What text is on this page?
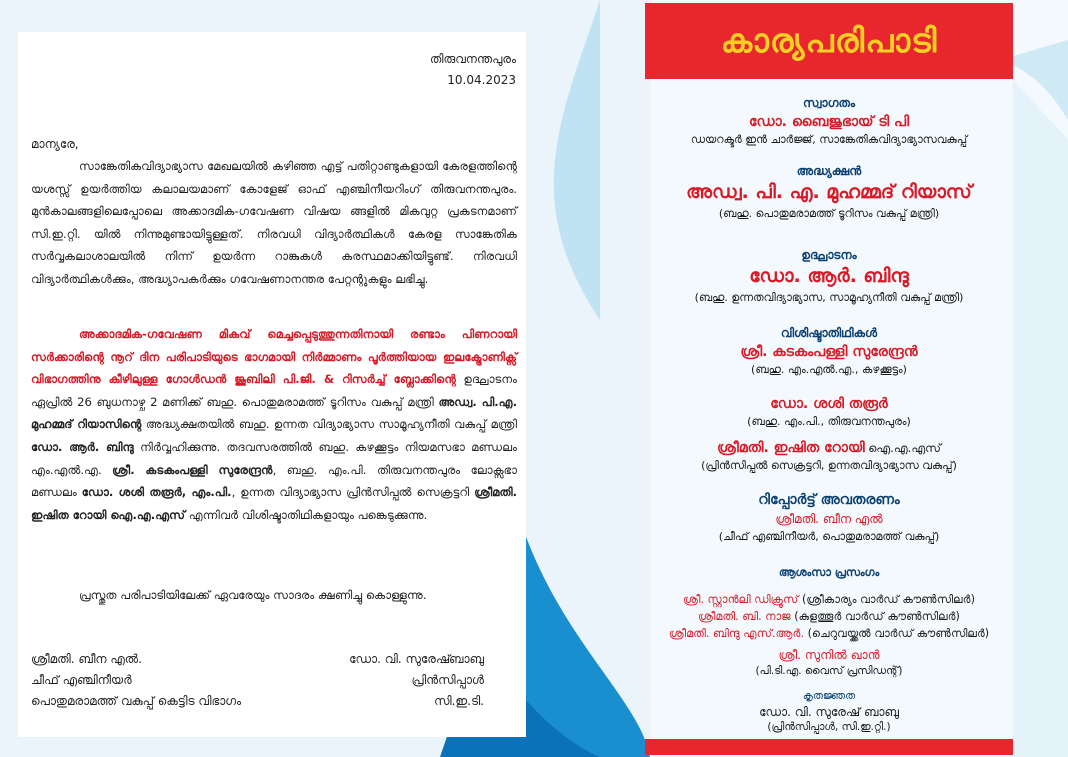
തിരുവനന്തപുരം
10.04.2023
മാന്യരേ,

സാങ്കേതികവിദ്യാഭ്യാസ മേഖലയിൽ കഴിഞ്ഞ എട്ട് പതിറ്റാണ്ടുകളായി കേരളത്തിന്റെ യശസ്സ് ഉയർത്തിയ കലാലയമാണ് കോളേജ് ഓഫ് എഞ്ചിനീയറിംഗ് തിരുവനന്തപുരം. മുൻകാലങ്ങളിലെപ്പോലെ അക്കാദമിക-ഗവേഷണ വിഷയ ങ്ങളിൽ മികവുറ്റ പ്രകടനമാണ് സി.ഇ.റ്റി. യിൽ നിന്നുമുണ്ടായിട്ടുള്ളത്. നിരവധി വിദ്യാർത്ഥികൾ കേരള സാങ്കേതിക സർവ്വകലാശാലയിൽ നിന്ന് ഉയർന്ന റാങ്കുകൾ കരസ്ഥമാക്കിയിട്ടുണ്ട്. നിരവധി വിദ്യാർത്ഥികൾക്കും, അദ്ധ്യാപകർക്കും ഗവേഷണാനന്തര പേറ്റന്റുകളും ലഭിച്ചു.

അക്കാദമിക-ഗവേഷണ മികവ് മെച്ചപ്പെടുത്തുന്നതിനായി രണ്ടാം പിണറായി സർക്കാരിന്റെ നൂറ് ദിന പരിപാടിയുടെ ഭാഗമായി നിർമ്മാണം പൂർത്തിയായ ഇലക്ട്രോണിക്സ് വിഭാഗത്തിനു കീഴിലുള്ള ഗോൾഡൻ ജൂബിലി പി.ജി. & റിസർച്ച് ബ്ലോക്കിന്റെ ഉദ്ഘാടനം ഏപ്രിൽ 26 ബുധനാഴ്ച 2 മണിക്ക് ബഹു. പൊതുമരാമത്ത് ടൂറിസം വകുപ്പ് മന്ത്രി അഡ്വ. പി.എ. മുഹമ്മദ് റിയാസിന്റെ അദ്ധ്യക്ഷതയിൽ ബഹു. ഉന്നത വിദ്യാഭ്യാസ സാമൂഹ്യനീതി വകുപ്പ് മന്ത്രി ഡോ. ആർ. ബിന്ദു നിർവ്വഹിക്കുന്നു. തദവസരത്തിൽ ബഹു. കഴക്കൂട്ടം നിയമസഭാ മണ്ഡലം എം.എൽ.എ. ശ്രീ. കടകംപള്ളി സുരേന്ദ്രൻ, ബഹു. എം.പി. തിരുവനന്തപുരം ലോക്സഭാ മണ്ഡലം ഡോ. ശശി തരൂർ, എം.പി., ഉന്നത വിദ്യാഭ്യാസ പ്രിൻസിപ്പൽ സെക്രട്ടറി ശ്രീമതി. ഇഷിത റോയി ഐ.എ.എസ് എന്നിവർ വിശിഷ്ടാതിഥികളായും പങ്കെടുക്കുന്നു.

പ്രസ്തുത പരിപാടിയിലേക്ക് ഏവരേയും സാദരം ക്ഷണിച്ചു കൊള്ളുന്നു.

ശ്രീമതി. ബീന എൽ.
ചീഫ് എഞ്ചിനീയർ
പൊതുമരാമത്ത് വകുപ്പ് കെട്ടിട വിഭാഗം
ഡോ. വി. സുരേഷ്ബാബു
പ്രിൻസിപ്പാൾ
സി.ഇ.ടി.
കാര്യപരിപാടി
സ്വാഗതം
ഡോ. ബൈജുഭായ് ടി പി
ഡയറക്ടർ ഇൻ ചാർജ്ജ്, സാങ്കേതികവിദ്യാഭ്യാസവകുപ്പ്
അദ്ധ്യക്ഷൻ
അഡ്വ. പി. എ. മുഹമ്മദ് റിയാസ്
(ബഹു. പൊതുമരാമത്ത് ടൂറിസം വകുപ്പ് മന്ത്രി)
ഉദ്ഘാടനം
ഡോ. ആർ. ബിന്ദു
(ബഹു. ഉന്നതവിദ്യാഭ്യാസ, സാമൂഹ്യനീതി വകുപ്പ് മന്ത്രി)
വിശിഷ്ടാതിഥികൾ
ശ്രീ. കടകംപള്ളി സുരേന്ദ്രൻ
(ബഹു. എം.എൽ.എ., കഴക്കൂട്ടം)
ഡോ. ശശി തരൂർ
(ബഹു. എം.പി., തിരുവനന്തപുരം)
ശ്രീമതി. ഇഷിത റോയി ഐ.എ.എസ്
(പ്രിൻസിപ്പൽ സെക്രട്ടറി, ഉന്നതവിദ്യാഭ്യാസ വകുപ്പ്)
റിപ്പോർട്ട് അവതരണം
ശ്രീമതി. ബീന എൽ
(ചീഫ് എഞ്ചിനീയർ, പൊതുമരാമത്ത് വകുപ്പ്)
ആശംസാ പ്രസംഗം
ശ്രീ. സ്റ്റാൻലി ഡിക്രൂസ് (ശ്രീകാര്യം വാർഡ് കൗൺസിലർ)
ശ്രീമതി. ബി. നാജ (കുളത്തൂർ വാർഡ് കൗൺസിലർ)
ശ്രീമതി. ബിന്ദു എസ്.ആർ. (ചെറുവയ്ക്കൽ വാർഡ് കൗൺസിലർ)
ശ്രീ. സുനിൽ ഖാൻ
(പി.ടി.എ. വൈസ് പ്രസിഡന്റ്)
കൃതജ്ഞത
ഡോ. വി. സുരേഷ് ബാബു
(പ്രിൻസിപ്പാൾ, സി.ഇ.റ്റി.)
